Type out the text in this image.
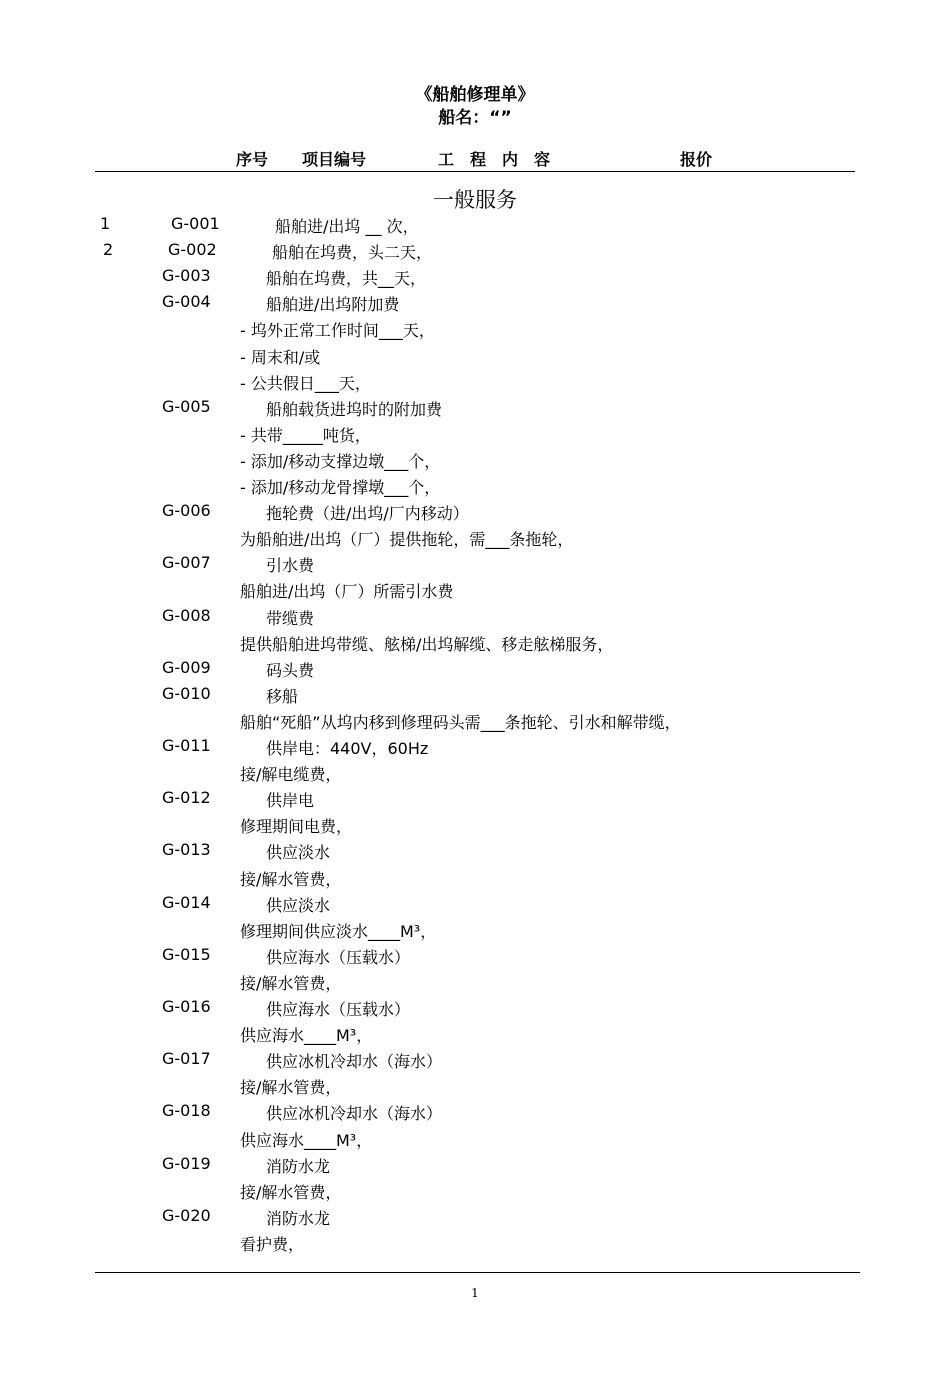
《船舶修理单》
船名：“”
序号 项目编号	工　程　内　容	报价
一般服务
1	G-001	船舶进/出坞 __ 次，
2	G-002	船舶在坞费，头二天，
G-003	船舶在坞费，共__天，
G-004	船舶进/出坞附加费
- 坞外正常工作时间___天，
- 周末和/或
- 公共假日___天，
G-005	船舶载货进坞时的附加费
- 共带_____吨货，
- 添加/移动支撑边墩___个，
- 添加/移动龙骨撑墩___个，
G-006	拖轮费（进/出坞/厂内移动）
为船舶进/出坞（厂）提供拖轮，需___条拖轮，
G-007	引水费
船舶进/出坞（厂）所需引水费
G-008	带缆费
提供船舶进坞带缆、舷梯/出坞解缆、移走舷梯服务，
G-009	码头费
G-010	移船
船舶“死船”从坞内移到修理码头需___条拖轮、引水和解带缆，
G-011	供岸电：440V，60Hz
接/解电缆费，
G-012	供岸电
修理期间电费，
G-013	供应淡水
接/解水管费，
G-014	供应淡水
修理期间供应淡水____M³，
G-015	供应海水（压载水）
接/解水管费，
G-016	供应海水（压载水）
供应海水____M³，
G-017	供应冰机冷却水（海水）
接/解水管费，
G-018	供应冰机冷却水（海水）
供应海水____M³，
G-019	消防水龙
接/解水管费，
G-020	消防水龙
看护费，
1
